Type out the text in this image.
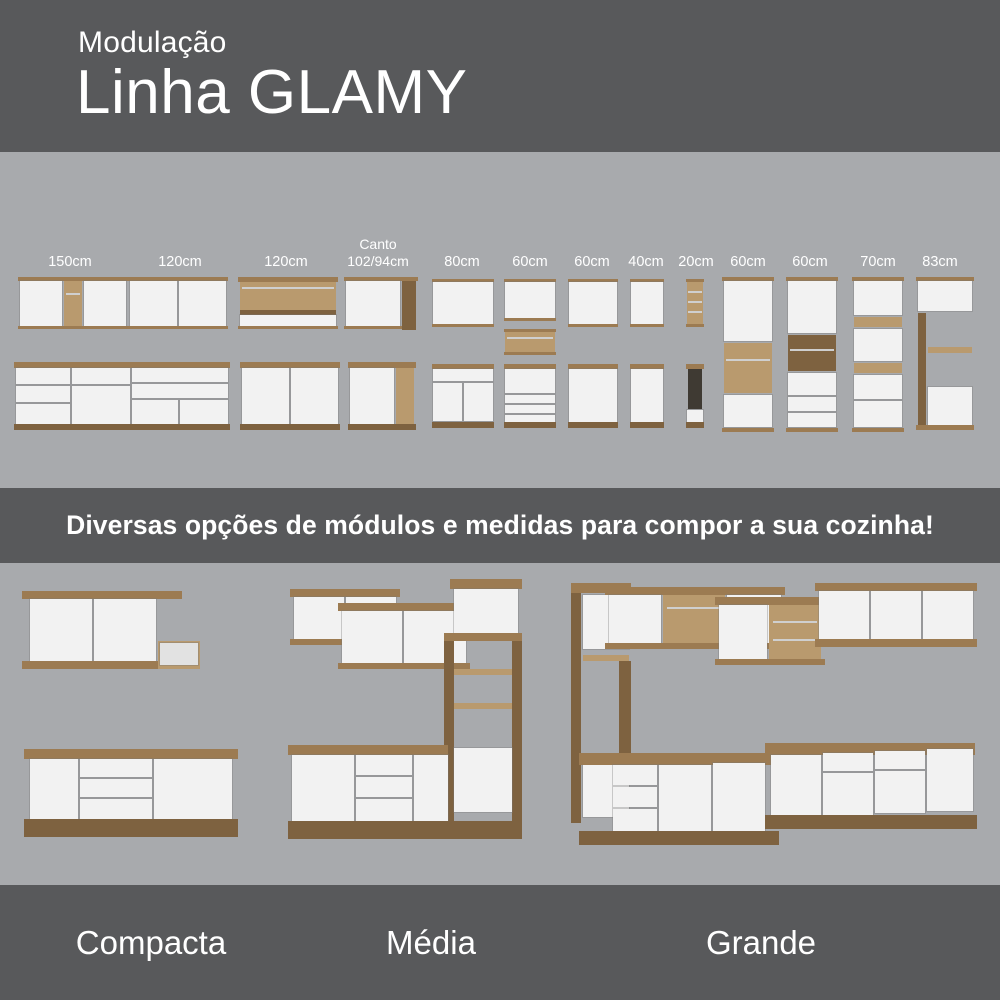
Modulação
Linha GLAMY
150cm	120cm	120cm
Canto
102/94cm	80cm	60cm	60cm	40cm	20cm	60cm	60cm	70cm	83cm
Diversas opções de módulos e medidas para compor a sua cozinha!
Compacta	Média	Grande
